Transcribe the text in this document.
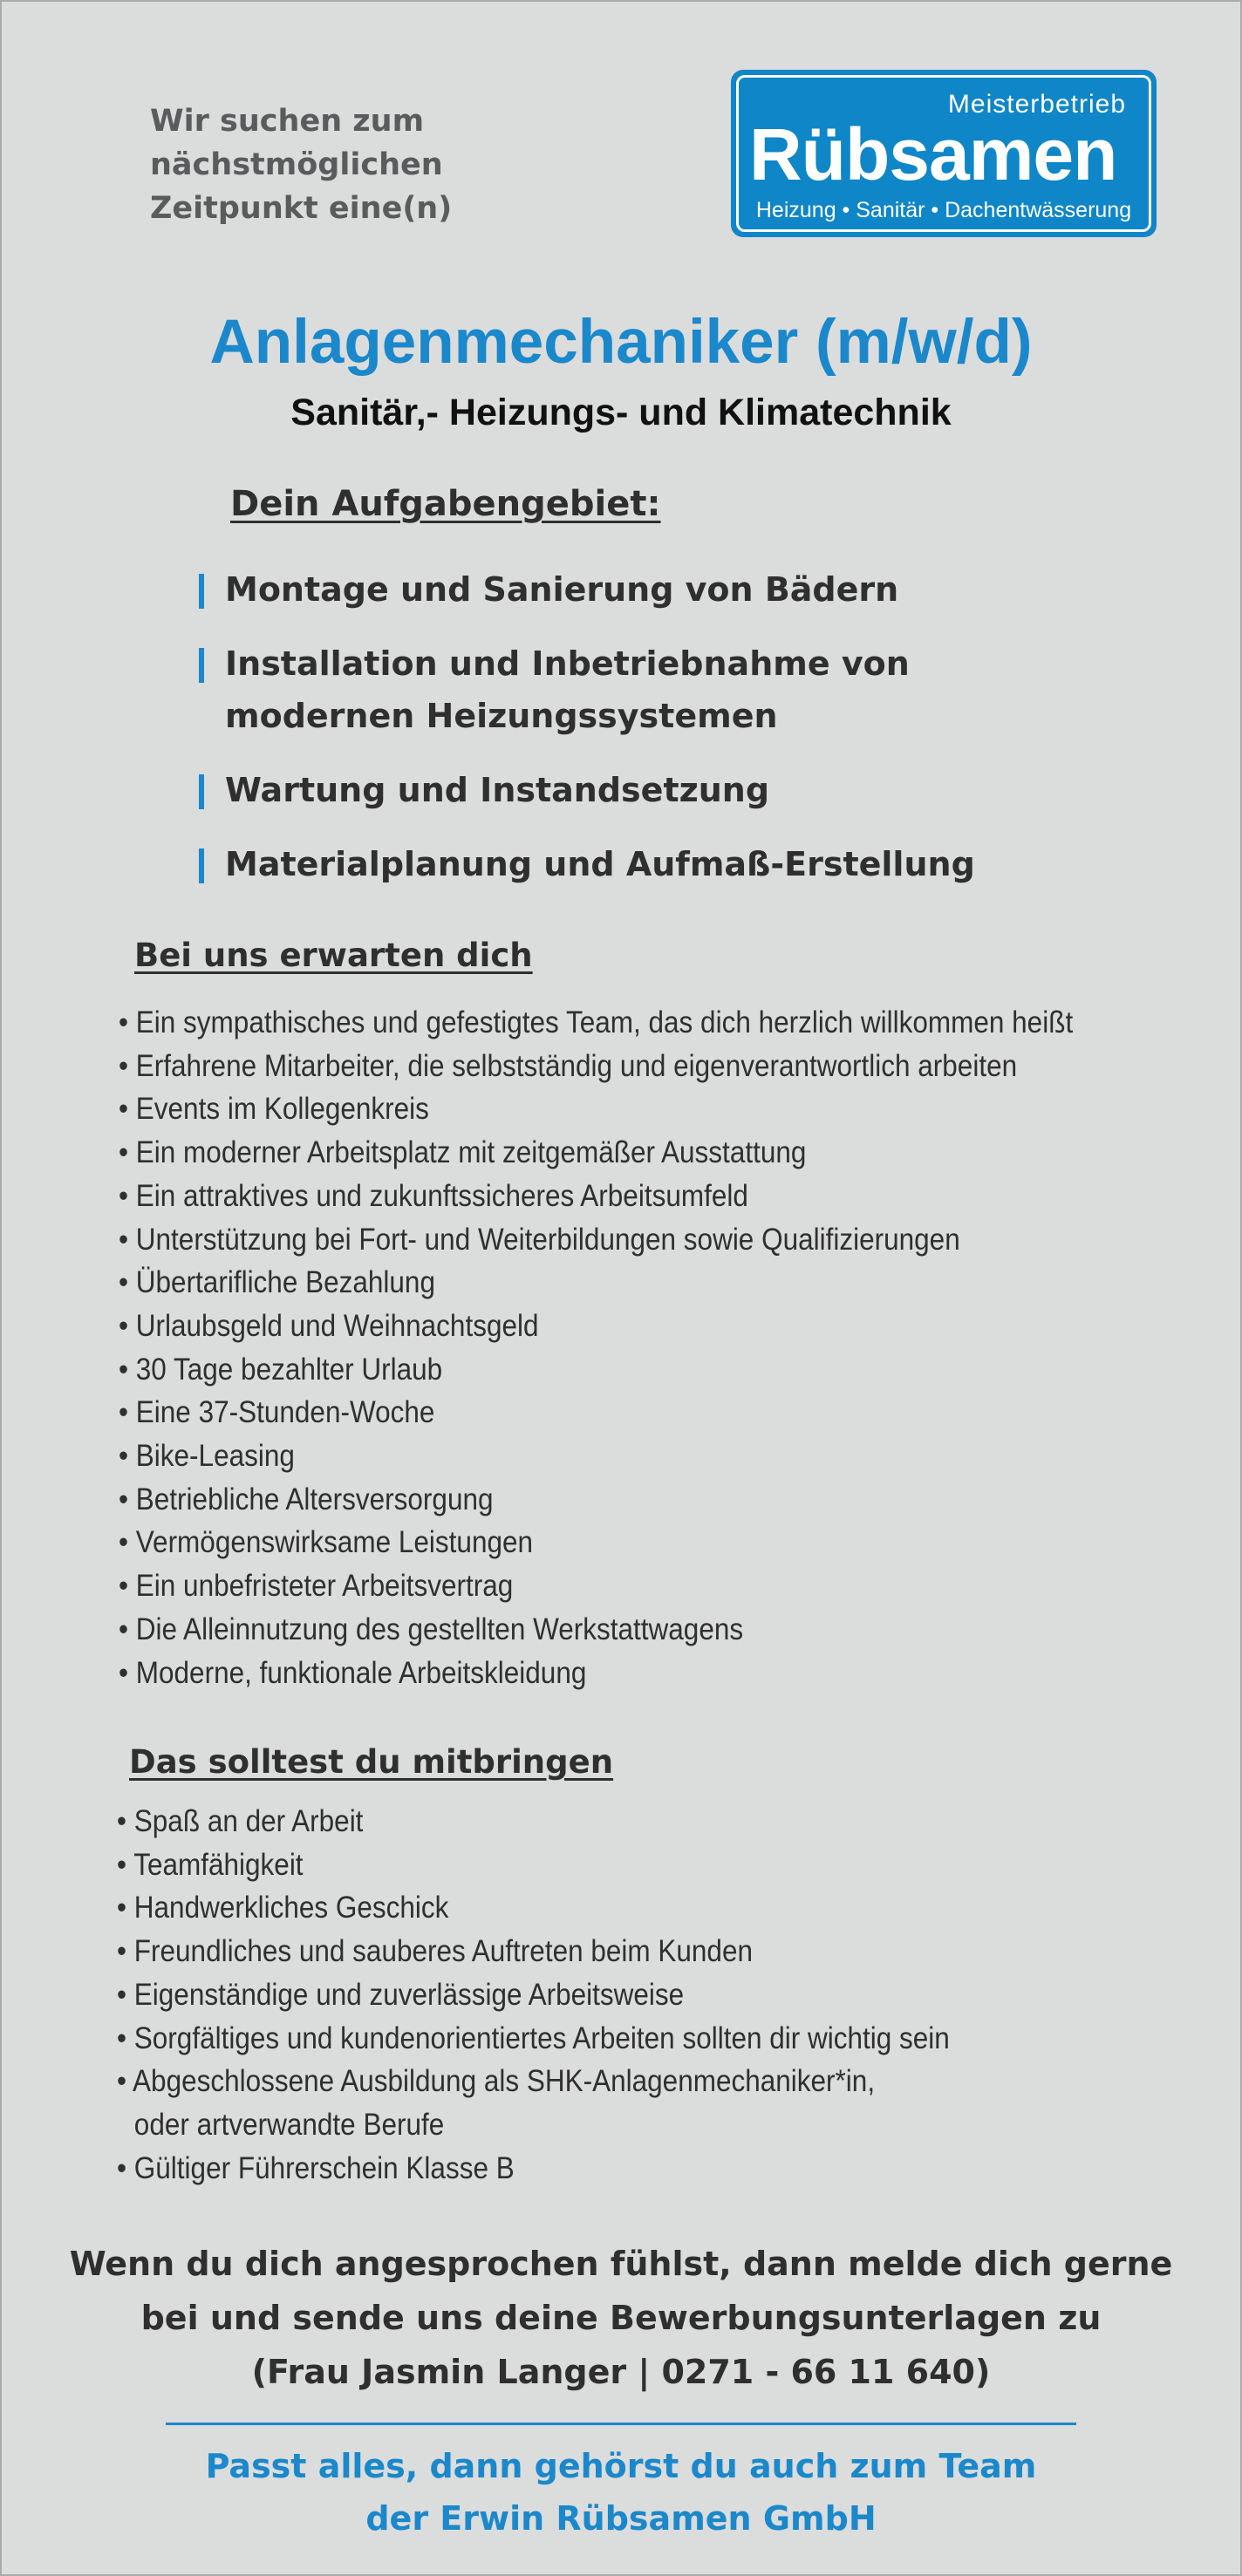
Wir suchen zum
nächstmöglichen
Zeitpunkt eine(n)
Meisterbetrieb
Rübsamen
Heizung • Sanitär • Dachentwässerung
Anlagenmechaniker (m/w/d)
Sanitär,- Heizungs- und Klimatechnik
Dein Aufgabengebiet:
Montage und Sanierung von Bädern
Installation und Inbetriebnahme von
modernen Heizungssystemen
Wartung und Instandsetzung
Materialplanung und Aufmaß-Erstellung
Bei uns erwarten dich
• Ein sympathisches und gefestigtes Team, das dich herzlich willkommen heißt
• Erfahrene Mitarbeiter, die selbstständig und eigenverantwortlich arbeiten
• Events im Kollegenkreis
• Ein moderner Arbeitsplatz mit zeitgemäßer Ausstattung
• Ein attraktives und zukunftssicheres Arbeitsumfeld
• Unterstützung bei Fort- und Weiterbildungen sowie Qualifizierungen
• Übertarifliche Bezahlung
• Urlaubsgeld und Weihnachtsgeld
• 30 Tage bezahlter Urlaub
• Eine 37-Stunden-Woche
• Bike-Leasing
• Betriebliche Altersversorgung
• Vermögenswirksame Leistungen
• Ein unbefristeter Arbeitsvertrag
• Die Alleinnutzung des gestellten Werkstattwagens
• Moderne, funktionale Arbeitskleidung
Das solltest du mitbringen
• Spaß an der Arbeit
• Teamfähigkeit
• Handwerkliches Geschick
• Freundliches und sauberes Auftreten beim Kunden
• Eigenständige und zuverlässige Arbeitsweise
• Sorgfältiges und kundenorientiertes Arbeiten sollten dir wichtig sein
• Abgeschlossene Ausbildung als SHK-Anlagenmechaniker*in,
oder artverwandte Berufe
• Gültiger Führerschein Klasse B
Wenn du dich angesprochen fühlst, dann melde dich gerne
bei und sende uns deine Bewerbungsunterlagen zu
(Frau Jasmin Langer | 0271 - 66 11 640)
Passt alles, dann gehörst du auch zum Team
der Erwin Rübsamen GmbH
